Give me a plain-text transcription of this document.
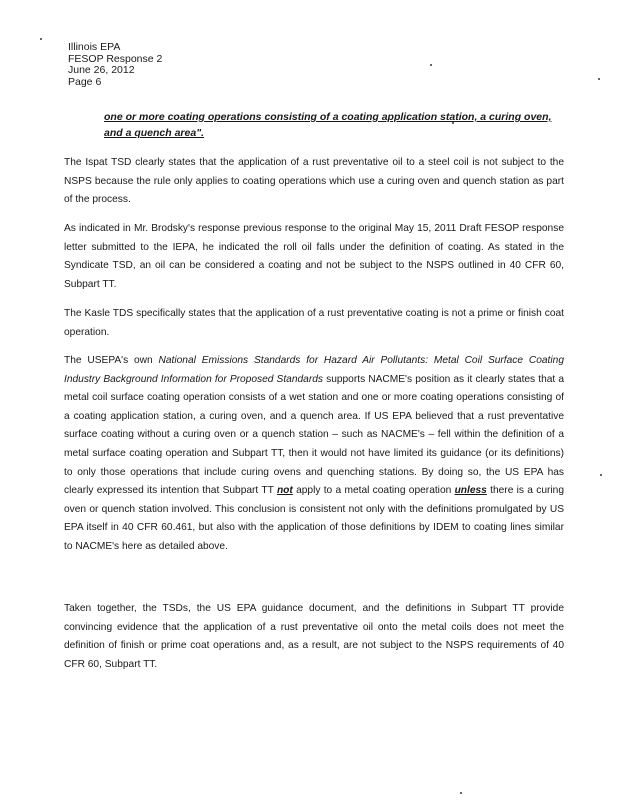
Illinois EPA
FESOP Response 2
June 26, 2012
Page 6
one or more coating operations consisting of a coating application station, a curing oven, and a quench area".
The Ispat TSD clearly states that the application of a rust preventative oil to a steel coil is not subject to the NSPS because the rule only applies to coating operations which use a curing oven and quench station as part of the process.
As indicated in Mr. Brodsky's response previous response to the original May 15, 2011 Draft FESOP response letter submitted to the IEPA, he indicated the roll oil falls under the definition of coating. As stated in the Syndicate TSD, an oil can be considered a coating and not be subject to the NSPS outlined in 40 CFR 60, Subpart TT.
The Kasle TDS specifically states that the application of a rust preventative coating is not a prime or finish coat operation.
The USEPA's own National Emissions Standards for Hazard Air Pollutants: Metal Coil Surface Coating Industry Background Information for Proposed Standards supports NACME's position as it clearly states that a metal coil surface coating operation consists of a wet station and one or more coating operations consisting of a coating application station, a curing oven, and a quench area. If US EPA believed that a rust preventative surface coating without a curing oven or a quench station – such as NACME's – fell within the definition of a metal surface coating operation and Subpart TT, then it would not have limited its guidance (or its definitions) to only those operations that include curing ovens and quenching stations. By doing so, the US EPA has clearly expressed its intention that Subpart TT not apply to a metal coating operation unless there is a curing oven or quench station involved. This conclusion is consistent not only with the definitions promulgated by US EPA itself in 40 CFR 60.461, but also with the application of those definitions by IDEM to coating lines similar to NACME's here as detailed above.
Taken together, the TSDs, the US EPA guidance document, and the definitions in Subpart TT provide convincing evidence that the application of a rust preventative oil onto the metal coils does not meet the definition of finish or prime coat operations and, as a result, are not subject to the NSPS requirements of 40 CFR 60, Subpart TT.
